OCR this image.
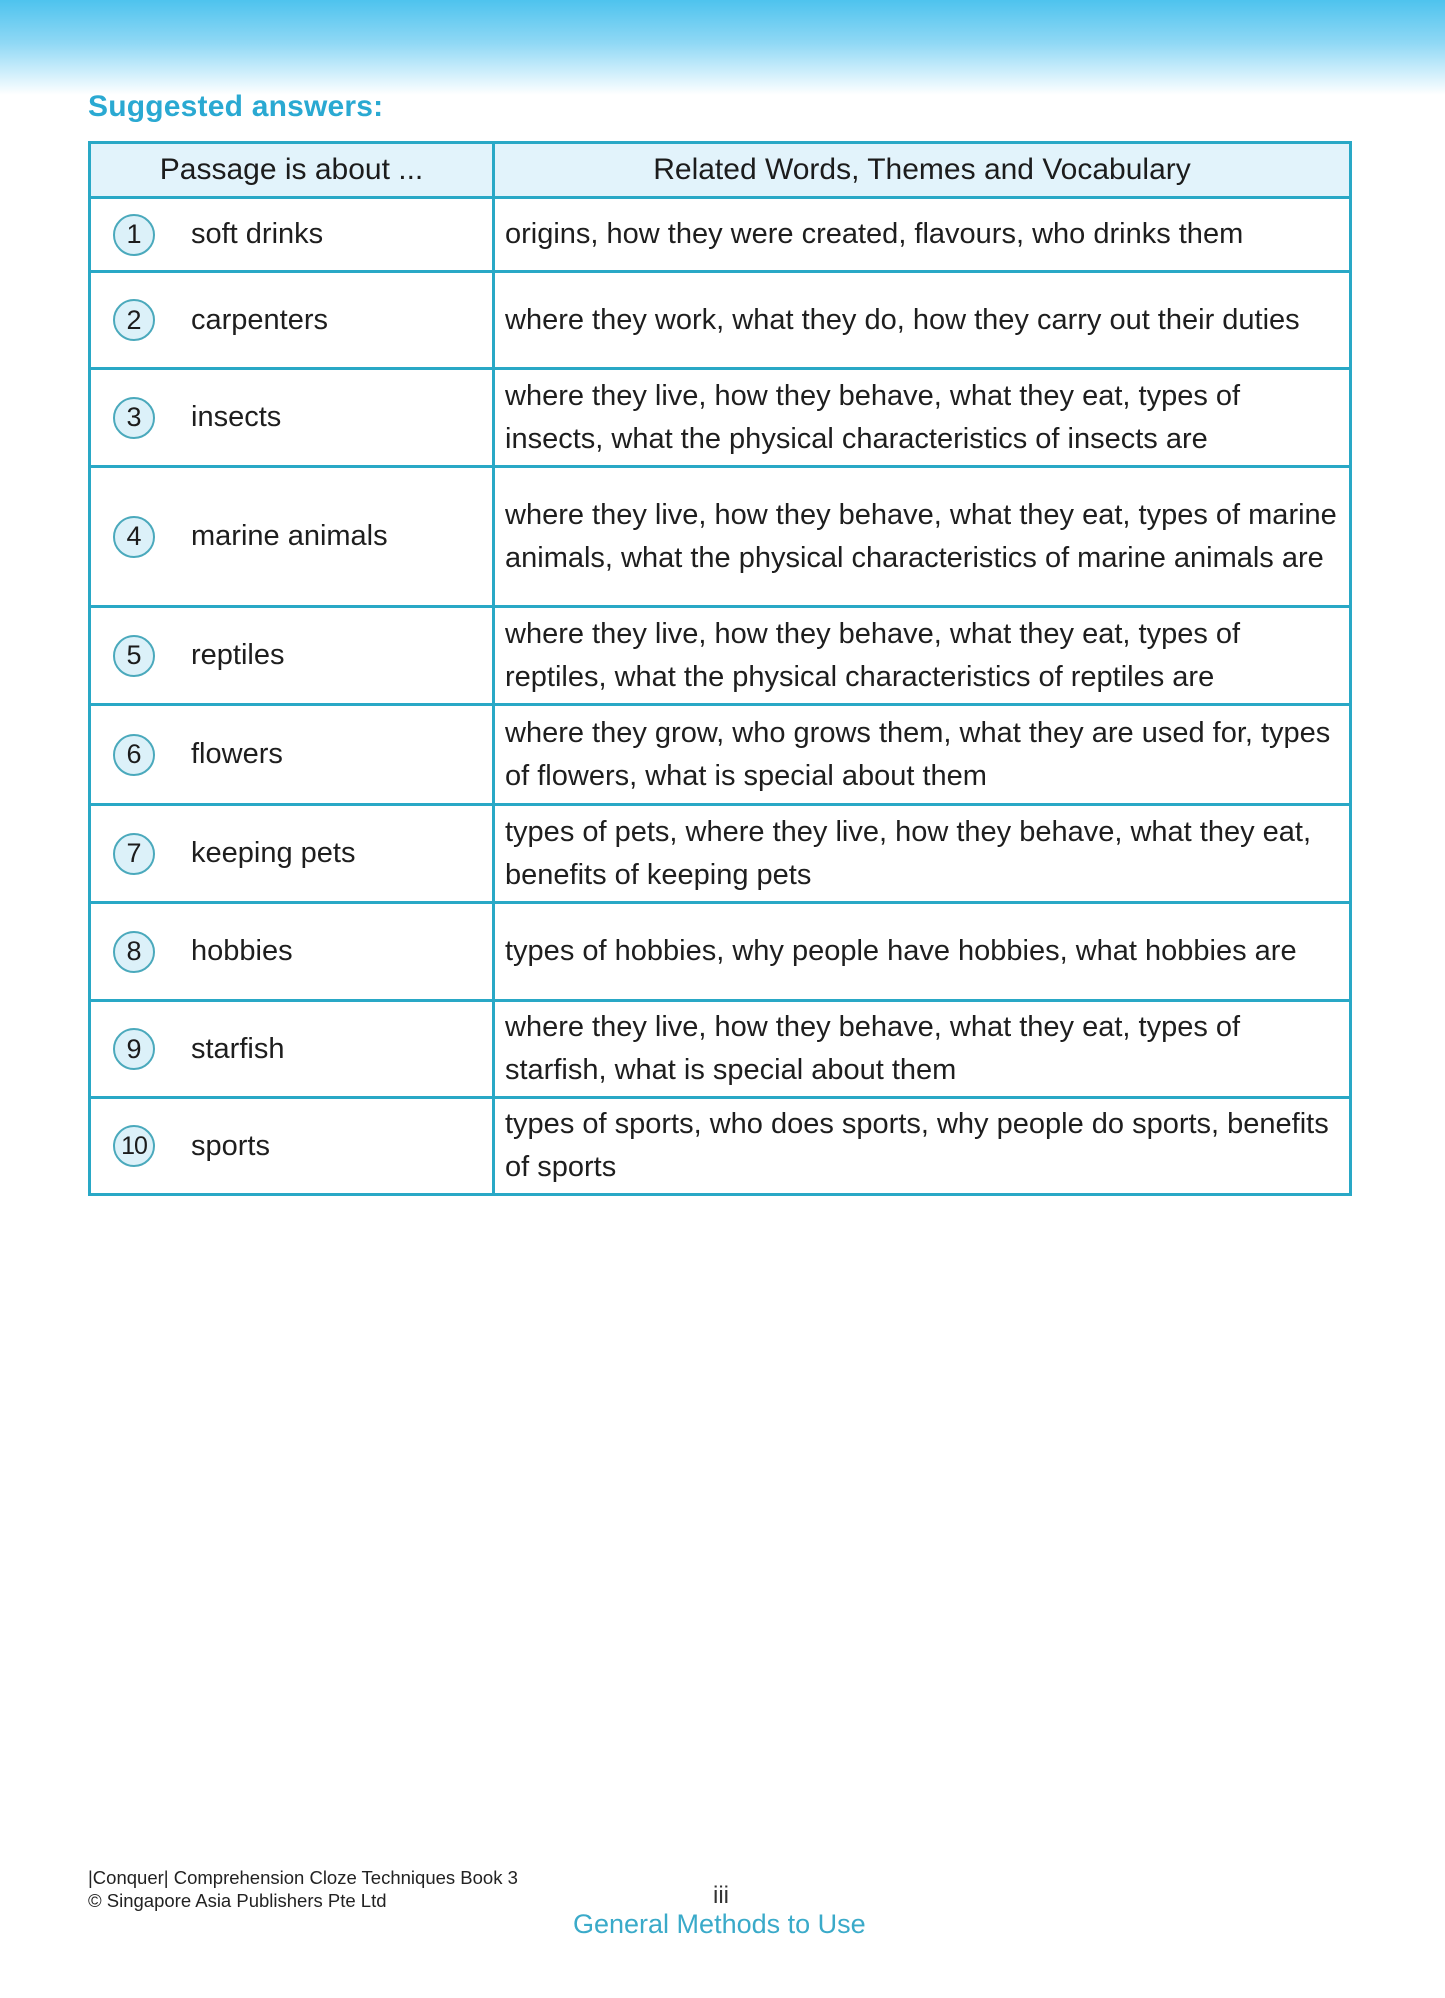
Suggested answers:
Passage is about ...	Related Words, Themes and Vocabulary

1 soft drinks	origins, how they were created, flavours, who drinks them

2 carpenters	where they work, what they do, how they carry out their duties

3 insects	where they live, how they behave, what they eat, types of insects, what the physical characteristics of insects are

4 marine animals	where they live, how they behave, what they eat, types of marine animals, what the physical characteristics of marine animals are

5 reptiles	where they live, how they behave, what they eat, types of reptiles, what the physical characteristics of reptiles are

6 flowers	where they grow, who grows them, what they are used for, types of flowers, what is special about them

7 keeping pets	types of pets, where they live, how they behave, what they eat, benefits of keeping pets

8 hobbies	types of hobbies, why people have hobbies, what hobbies are

9 starfish	where they live, how they behave, what they eat, types of starfish, what is special about them

10 sports	types of sports, who does sports, why people do sports, benefits of sports
|Conquer| Comprehension Cloze Techniques Book 3
© Singapore Asia Publishers Pte Ltd	iii
General Methods to Use
